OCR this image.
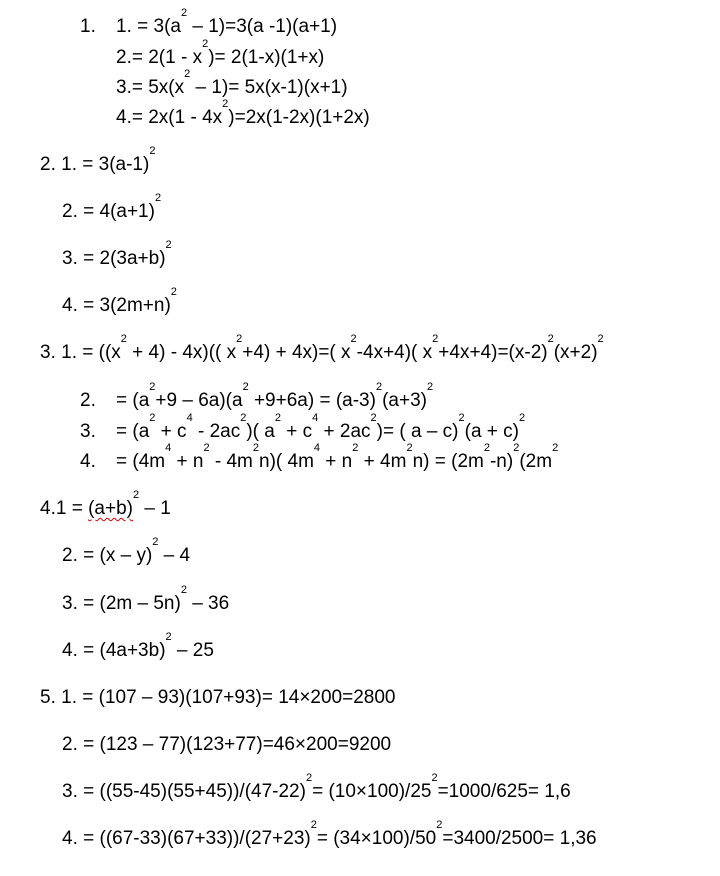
1. 1. = $3(a^2 - 1)=3(a$ -1)(a+1)
$2.= 2(1 - x^2)= 2(1-x)(1+x)$
$3.= 5x(x^2 - 1)= 5x(x-1)(x+1)$
$4.= 2x(1 - 4x^2)=2x(1-2x)(1+2x)$
2. 1. = $3(a-1)^2$
2. = $4(a+1)^2$
3. = $2(3a+b)^2$
4. = $3(2m+n)^2$
3. 1. = $((x^2 + 4) - 4x)$(( $x^2+4) + 4x)=$( $x^2-4x+4$)( $x^2+4x+4)=(x-2)^2(x+2)^2$
2. = $(a^2+9 - 6a)(a^2 +9+6a) = (a-3)^2(a+3)^2$
3. = $(a^2 + c^4 - 2ac^2)$( $a^2 + c^4 + 2ac^2)=$ ( $a - c)^2(a + c)^2$
4. = $(4m^4 + n^2 - 4m^2n)$( $4m^4 + n^2 + 4m^2n) = (2m^2-n)^2(2m^2$
$4.1 = (a+b)^2 - 1$
2. = (x – y)$^2$ – 4
3. = (2m – 5n)$^2$ – 36
4. = $(4a+3b)^2 - 25$
5. 1. = (107 – 93)(107+93)= 14×200=2800
2. = (123 – 77)(123+77)=46×200=9200
3. = $((55-45)(55+45))/(47-22)^2= (10\times 100)/25^2=1000/625= 1,6$
4. = $((67-33)(67+33))/(27+23)^2= (34\times 100)/50^2=3400/2500= 1,36$
